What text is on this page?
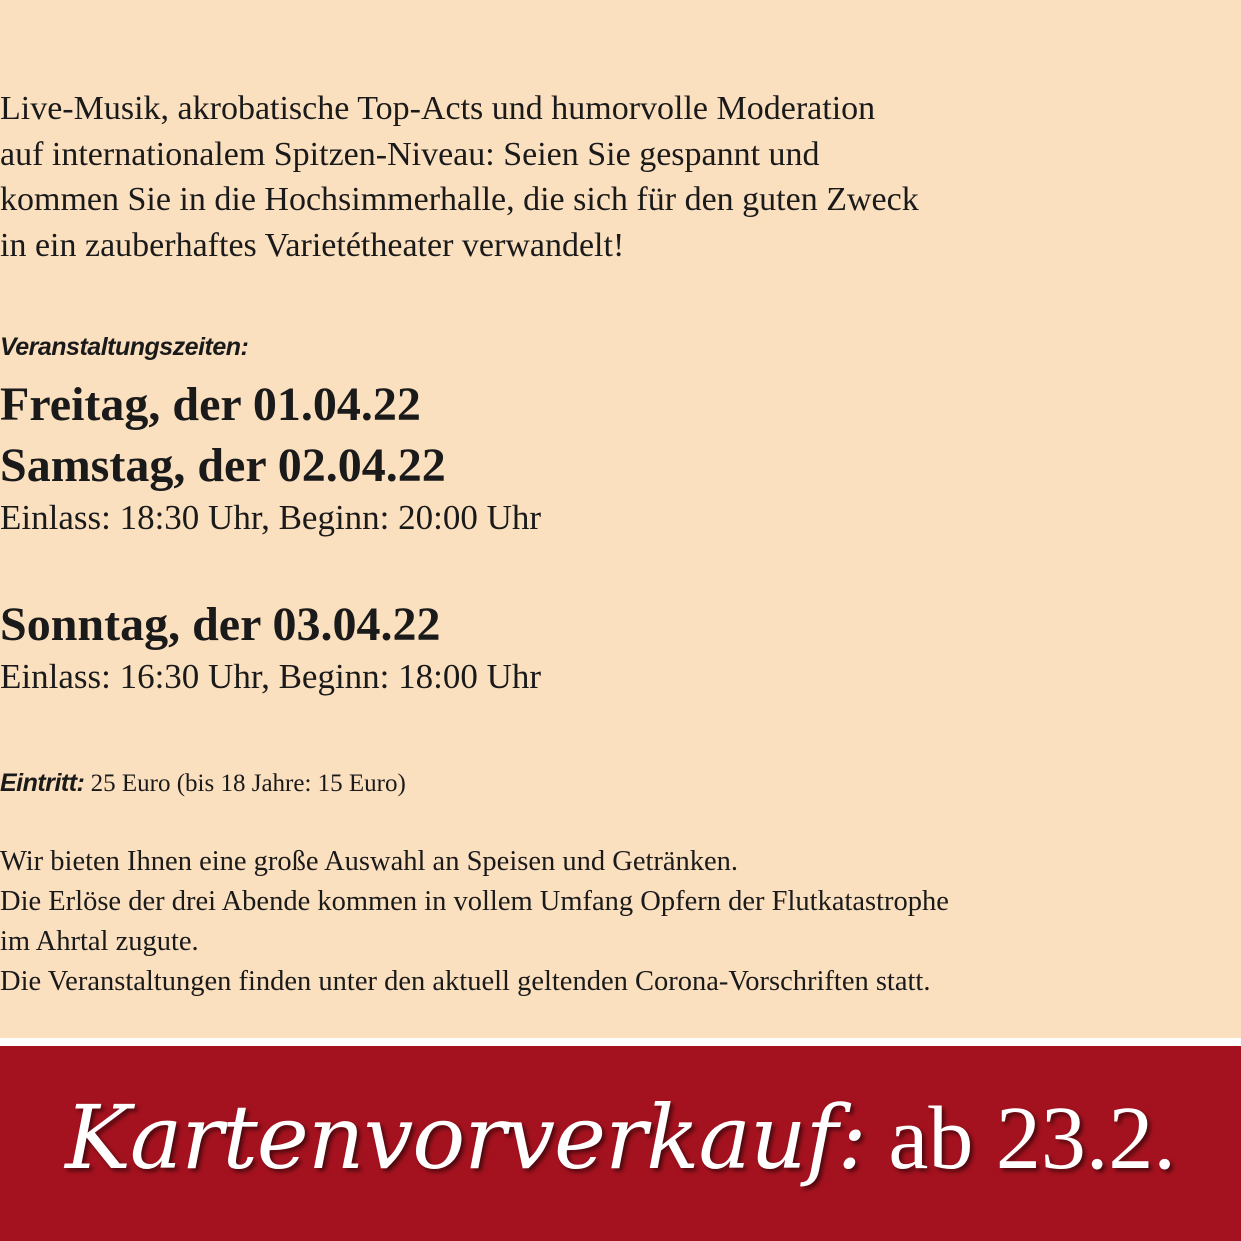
Live-Musik, akrobatische Top-Acts und humorvolle Moderation
auf internationalem Spitzen-Niveau: Seien Sie gespannt und
kommen Sie in die Hochsimmerhalle, die sich für den guten Zweck
in ein zauberhaftes Varietétheater verwandelt!
Veranstaltungszeiten:
Freitag, der 01.04.22
Samstag, der 02.04.22
Einlass: 18:30 Uhr, Beginn: 20:00 Uhr
Sonntag, der 03.04.22
Einlass: 16:30 Uhr, Beginn: 18:00 Uhr
Eintritt: 25 Euro (bis 18 Jahre: 15 Euro)
Wir bieten Ihnen eine große Auswahl an Speisen und Getränken.
Die Erlöse der drei Abende kommen in vollem Umfang Opfern der Flutkatastrophe
im Ahrtal zugute.
Die Veranstaltungen finden unter den aktuell geltenden Corona-Vorschriften statt.
Kartenvorverkauf: ab 23.2.
